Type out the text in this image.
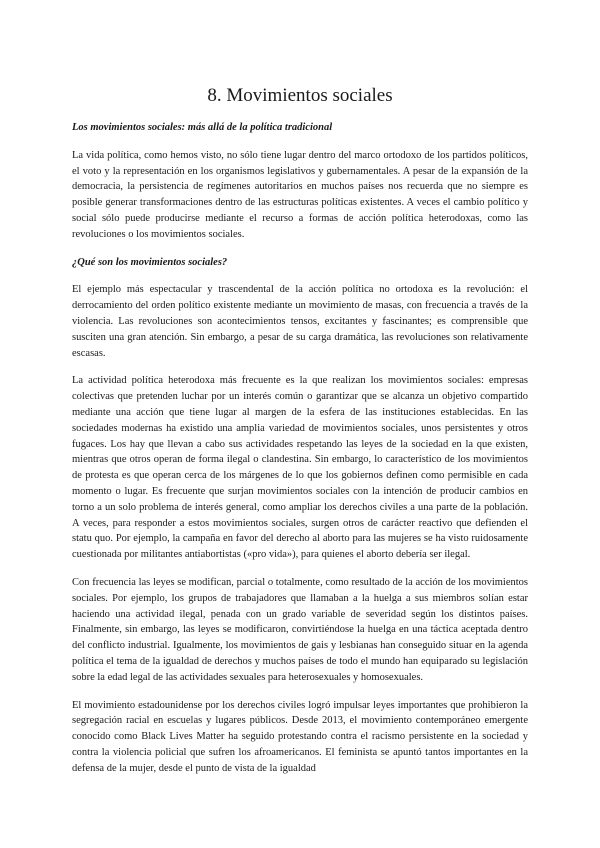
8. Movimientos sociales
Los movimientos sociales: más allá de la política tradicional

La vida política, como hemos visto, no sólo tiene lugar dentro del marco ortodoxo de los partidos políticos, el voto y la representación en los organismos legislativos y gubernamentales. A pesar de la expansión de la democracia, la persistencia de regímenes autoritarios en muchos países nos recuerda que no siempre es posible generar transformaciones dentro de las estructuras políticas existentes. A veces el cambio político y social sólo puede producirse mediante el recurso a formas de acción política heterodoxas, como las revoluciones o los movimientos sociales.

¿Qué son los movimientos sociales?

El ejemplo más espectacular y trascendental de la acción política no ortodoxa es la revolución: el derrocamiento del orden político existente mediante un movimiento de masas, con frecuencia a través de la violencia. Las revoluciones son acontecimientos tensos, excitantes y fascinantes; es comprensible que susciten una gran atención. Sin embargo, a pesar de su carga dramática, las revoluciones son relativamente escasas.

La actividad política heterodoxa más frecuente es la que realizan los movimientos sociales: empresas colectivas que pretenden luchar por un interés común o garantizar que se alcanza un objetivo compartido mediante una acción que tiene lugar al margen de la esfera de las instituciones establecidas. En las sociedades modernas ha existido una amplia variedad de movimientos sociales, unos persistentes y otros fugaces. Los hay que llevan a cabo sus actividades respetando las leyes de la sociedad en la que existen, mientras que otros operan de forma ilegal o clandestina. Sin embargo, lo característico de los movimientos de protesta es que operan cerca de los márgenes de lo que los gobiernos definen como permisible en cada momento o lugar. Es frecuente que surjan movimientos sociales con la intención de producir cambios en torno a un solo problema de interés general, como ampliar los derechos civiles a una parte de la población. A veces, para responder a estos movimientos sociales, surgen otros de carácter reactivo que defienden el statu quo. Por ejemplo, la campaña en favor del derecho al aborto para las mujeres se ha visto ruidosamente cuestionada por militantes antiabortistas («pro vida»), para quienes el aborto debería ser ilegal.

Con frecuencia las leyes se modifican, parcial o totalmente, como resultado de la acción de los movimientos sociales. Por ejemplo, los grupos de trabajadores que llamaban a la huelga a sus miembros solían estar haciendo una actividad ilegal, penada con un grado variable de severidad según los distintos países. Finalmente, sin embargo, las leyes se modificaron, convirtiéndose la huelga en una táctica aceptada dentro del conflicto industrial. Igualmente, los movimientos de gais y lesbianas han conseguido situar en la agenda política el tema de la igualdad de derechos y muchos países de todo el mundo han equiparado su legislación sobre la edad legal de las actividades sexuales para heterosexuales y homosexuales.

El movimiento estadounidense por los derechos civiles logró impulsar leyes importantes que prohibieron la segregación racial en escuelas y lugares públicos. Desde 2013, el movimiento contemporáneo emergente conocido como Black Lives Matter ha seguido protestando contra el racismo persistente en la sociedad y contra la violencia policial que sufren los afroamericanos. El feminista se apuntó tantos importantes en la defensa de la mujer, desde el punto de vista de la igualdad
